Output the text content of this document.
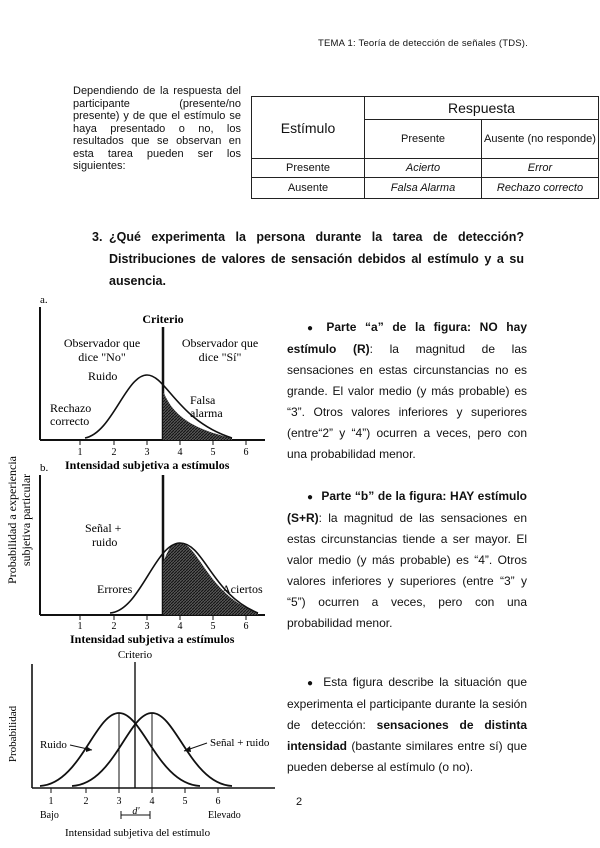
TEMA 1: Teoría de detección de señales (TDS).
Dependiendo de la respuesta del participante (presente/no presente) y de que el estímulo se haya presentado o no, los resultados que se observan en esta tarea pueden ser los siguientes:
Estímulo	Respuesta	
	Presente	Ausente (no responde)
Presente	Acierto	Error
Ausente	Falsa Alarma	Rechazo correcto
3. ¿Qué experimenta la persona durante la tarea de detección? Distribuciones de valores de sensación debidos al estímulo y a su ausencia.
a.
Criterio
Observador que
dice "No"
Observador que
dice "Sí"
Ruido
Rechazo
correcto
Falsa
alarma
1	2	3	4	5	6
Intensidad subjetiva a estímulos
b.
Probabilidad a experiencia subjetiva particular	Señal +
ruido
Errores	Aciertos
1	2	3	4	5	6
Intensidad subjetiva a estímulos
Criterio
Probabilidad Ruido	Señal + ruido
1	2	3	4	5	6
Bajo	Elevado
d'
Intensidad subjetiva del estímulo
● Parte “a” de la figura: NO hay estímulo (R): la magnitud de las sensaciones en estas circunstancias no es grande. El valor medio (y más probable) es “3”. Otros valores inferiores y superiores (entre“2” y “4”) ocurren a veces, pero con una probabilidad menor.
● Parte “b” de la figura: HAY estímulo (S+R): la magnitud de las sensaciones en estas circunstancias tiende a ser mayor. El valor medio (y más probable) es “4”. Otros valores inferiores y superiores (entre “3” y “5”) ocurren a veces, pero con una probabilidad menor.
● Esta figura describe la situación que experimenta el participante durante la sesión de detección: sensaciones de distinta intensidad (bastante similares entre sí) que pueden deberse al estímulo (o no).
2
